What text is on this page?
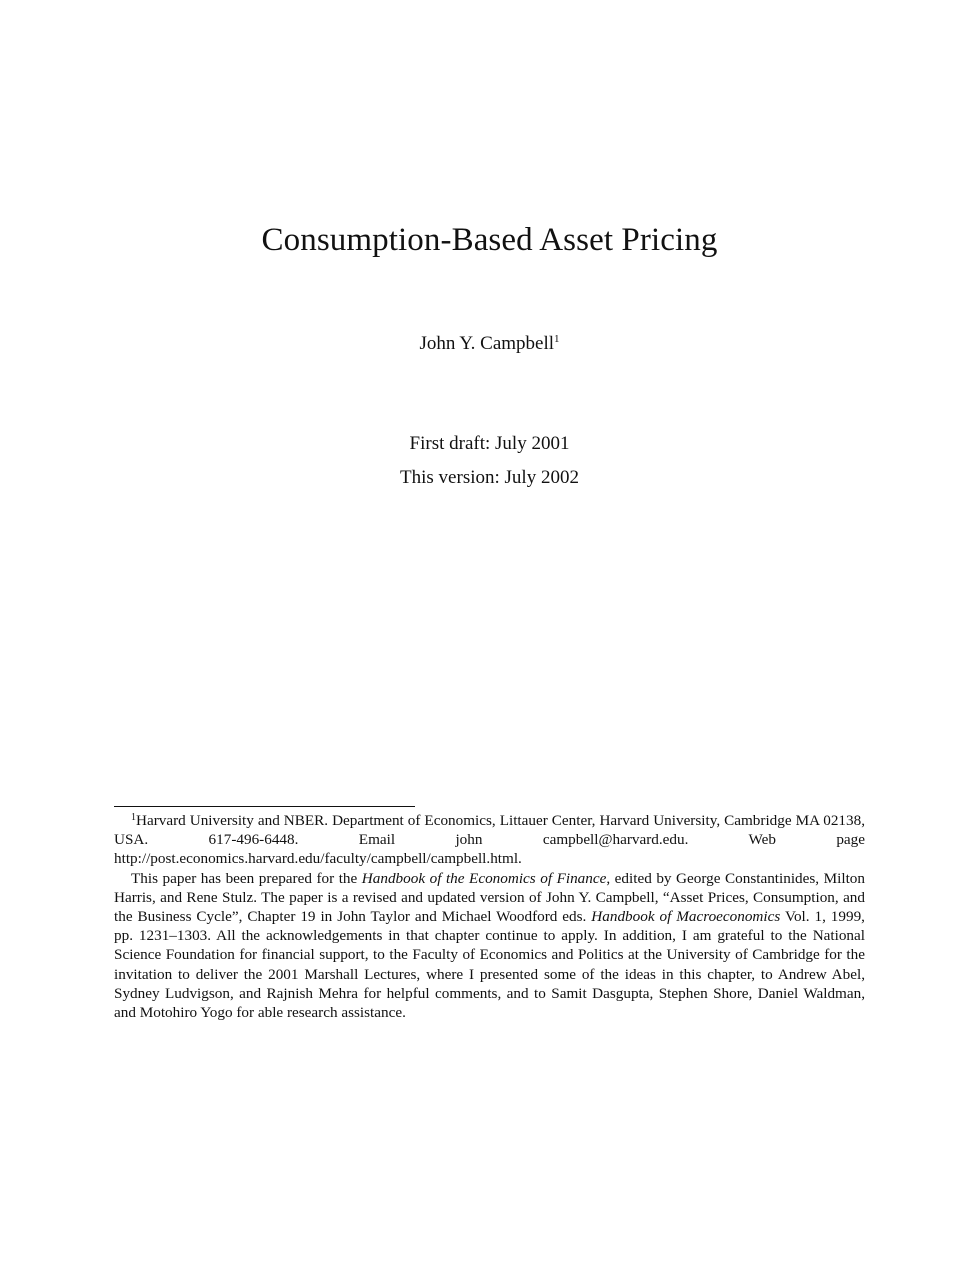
Consumption-Based Asset Pricing
John Y. Campbell$^1$
First draft: July 2001
This version: July 2002

$^1$Harvard University and NBER. Department of Economics, Littauer Center, Harvard University, Cambridge MA 02138, USA. 617-496-6448. Email john campbell@harvard.edu. Web page http://post.economics.harvard.edu/faculty/campbell/campbell.html.

This paper has been prepared for the Handbook of the Economics of Finance, edited by George Constantinides, Milton Harris, and Rene Stulz. The paper is a revised and updated version of John Y. Campbell, “Asset Prices, Consumption, and the Business Cycle”, Chapter 19 in John Taylor and Michael Woodford eds. Handbook of Macroeconomics Vol. 1, 1999, pp. 1231–1303. All the acknowledgements in that chapter continue to apply. In addition, I am grateful to the National Science Foundation for financial support, to the Faculty of Economics and Politics at the University of Cambridge for the invitation to deliver the 2001 Marshall Lectures, where I presented some of the ideas in this chapter, to Andrew Abel, Sydney Ludvigson, and Rajnish Mehra for helpful comments, and to Samit Dasgupta, Stephen Shore, Daniel Waldman, and Motohiro Yogo for able research assistance.
